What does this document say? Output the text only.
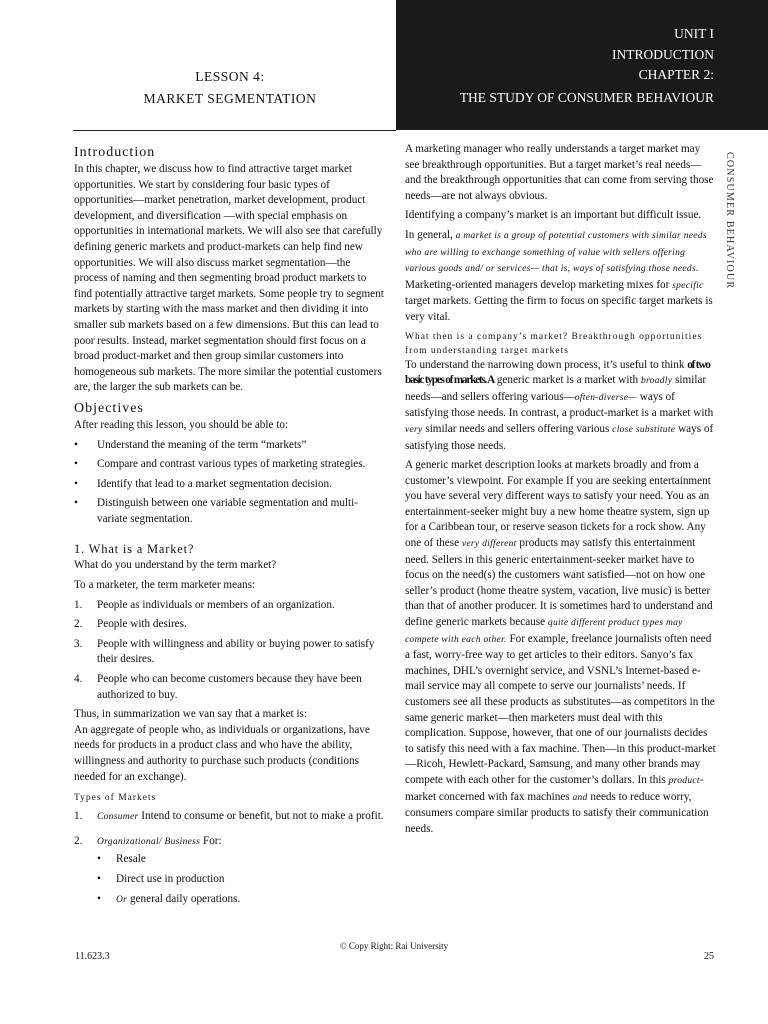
LESSON 4:
MARKET SEGMENTATION
UNIT I
INTRODUCTION
CHAPTER 2:
THE STUDY OF CONSUMER BEHAVIOUR
Introduction

In this chapter, we discuss how to find attractive target market opportunities. We start by considering four basic types of opportunities—market penetration, market development, product development, and diversification —with special emphasis on opportunities in international markets. We will also see that carefully defining generic markets and product-markets can help find new opportunities. We will also discuss market segmentation—the process of naming and then segmenting broad product markets to find potentially attractive target markets. Some people try to segment markets by starting with the mass market and then dividing it into smaller sub markets based on a few dimensions. But this can lead to poor results. Instead, market segmentation should first focus on a broad product-market and then group similar customers into homogeneous sub markets. The more similar the potential customers are, the larger the sub markets can be.

Objectives

After reading this lesson, you should be able to:

• Understand the meaning of the term “markets”
• Compare and contrast various types of marketing strategies.
• Identify that lead to a market segmentation decision.
• Distinguish between one variable segmentation and multi-variate segmentation.
1. What is a Market?

What do you understand by the term market?

To a marketer, the term marketer means:

1. People as individuals or members of an organization.
2. People with desires.
3. People with willingness and ability or buying power to satisfy their desires.
4. People who can become customers because they have been authorized to buy.

Thus, in summarization we van say that a market is:
An aggregate of people who, as individuals or organizations, have needs for products in a product class and who have the ability, willingness and authority to purchase such products (conditions needed for an exchange).

Types of Markets
1. Consumer Intend to consume or benefit, but not to make a profit.
2. Organizational/ Business For:
• Resale
• Direct use in production
• Or general daily operations.

A marketing manager who really understands a target market may see breakthrough opportunities. But a target market’s real needs—and the breakthrough opportunities that can come from serving those needs—are not always obvious.

Identifying a company’s market is an important but difficult issue.

In general, a market is a group of potential customers with similar needs who are willing to exchange something of value with sellers offering various goods and/ or services— that is, ways of satisfying those needs. Marketing-oriented managers develop marketing mixes for specific target markets. Getting the firm to focus on specific target markets is very vital.

What then is a company’s market? Breakthrough opportunities from understanding target markets

To understand the narrowing down process, it’s useful to think of two basic types of markets. A generic market is a market with broadly similar needs—and sellers offering various—often-diverse— ways of satisfying those needs. In contrast, a product-market is a market with very similar needs and sellers offering various close substitute ways of satisfying those needs.

A generic market description looks at markets broadly and from a customer’s viewpoint. For example If you are seeking entertainment you have several very different ways to satisfy your need. You as an entertainment-seeker might buy a new home theatre system, sign up for a Caribbean tour, or reserve season tickets for a rock show. Any one of these very different products may satisfy this entertainment need. Sellers in this generic entertainment-seeker market have to focus on the need(s) the customers want satisfied—not on how one seller’s product (home theatre system, vacation, live music) is better than that of another producer. It is sometimes hard to understand and define generic markets because quite different product types may compete with each other. For example, freelance journalists often need a fast, worry-free way to get articles to their editors. Sanyo’s fax machines, DHL’s overnight service, and VSNL’s Internet-based e-mail service may all compete to serve our journalists’ needs. If customers see all these products as substitutes—as competitors in the same generic market—then marketers must deal with this complication. Suppose, however, that one of our journalists decides to satisfy this need with a fax machine. Then—in this product-market—Ricoh, Hewlett-Packard, Samsung, and many other brands may compete with each other for the customer’s dollars. In this product-market concerned with fax machines and needs to reduce worry, consumers compare similar products to satisfy their communication needs.

CONSUMER BEHAVIOUR
© Copy Right: Rai University
11.623.3	25
